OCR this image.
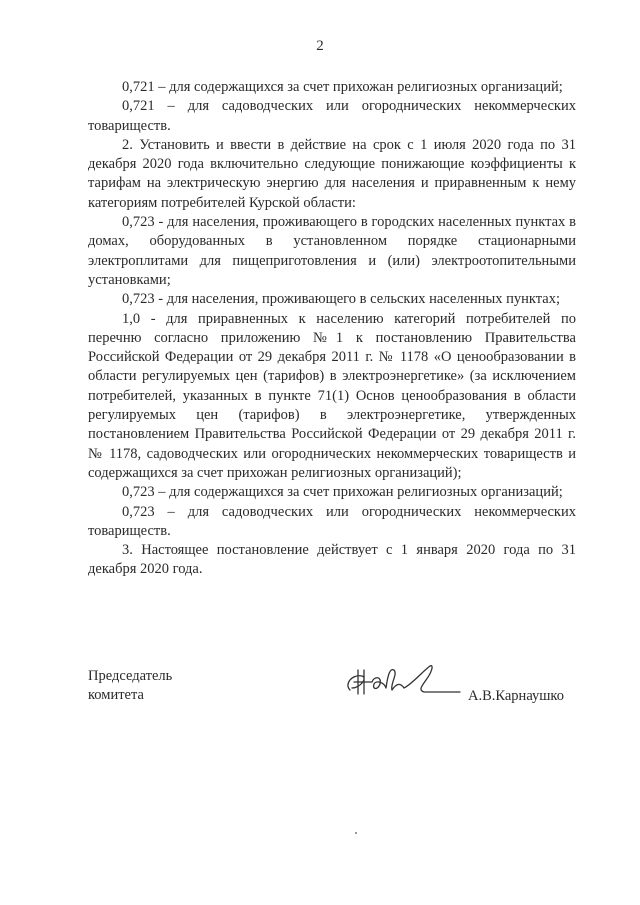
2

0,721 – для содержащихся за счет прихожан религиозных организаций;

0,721 – для садоводческих или огороднических некоммерческих товариществ.

2. Установить и ввести в действие на срок с 1 июля 2020 года по 31 декабря 2020 года включительно следующие понижающие коэффициенты к тарифам на электрическую энергию для населения и приравненным к нему категориям потребителей Курской области:

0,723 - для населения, проживающего в городских населенных пунктах в домах, оборудованных в установленном порядке стационарными электроплитами для пищеприготовления и (или) электроотопительными установками;

0,723 - для населения, проживающего в сельских населенных пунктах;

1,0 - для приравненных к населению категорий потребителей по перечню согласно приложению №1 к постановлению Правительства Российской Федерации от 29 декабря 2011 г. № 1178 «О ценообразовании в области регулируемых цен (тарифов) в электроэнергетике» (за исключением потребителей, указанных в пункте 71(1) Основ ценообразования в области регулируемых цен (тарифов) в электроэнергетике, утвержденных постановлением Правительства Российской Федерации от 29 декабря 2011 г. № 1178, садоводческих или огороднических некоммерческих товариществ и содержащихся за счет прихожан религиозных организаций);

0,723 – для содержащихся за счет прихожан религиозных организаций;

0,723 – для садоводческих или огороднических некоммерческих товариществ.

3. Настоящее постановление действует с 1 января 2020 года по 31 декабря 2020 года.

Председатель
комитета	А.В.Карнаушко
